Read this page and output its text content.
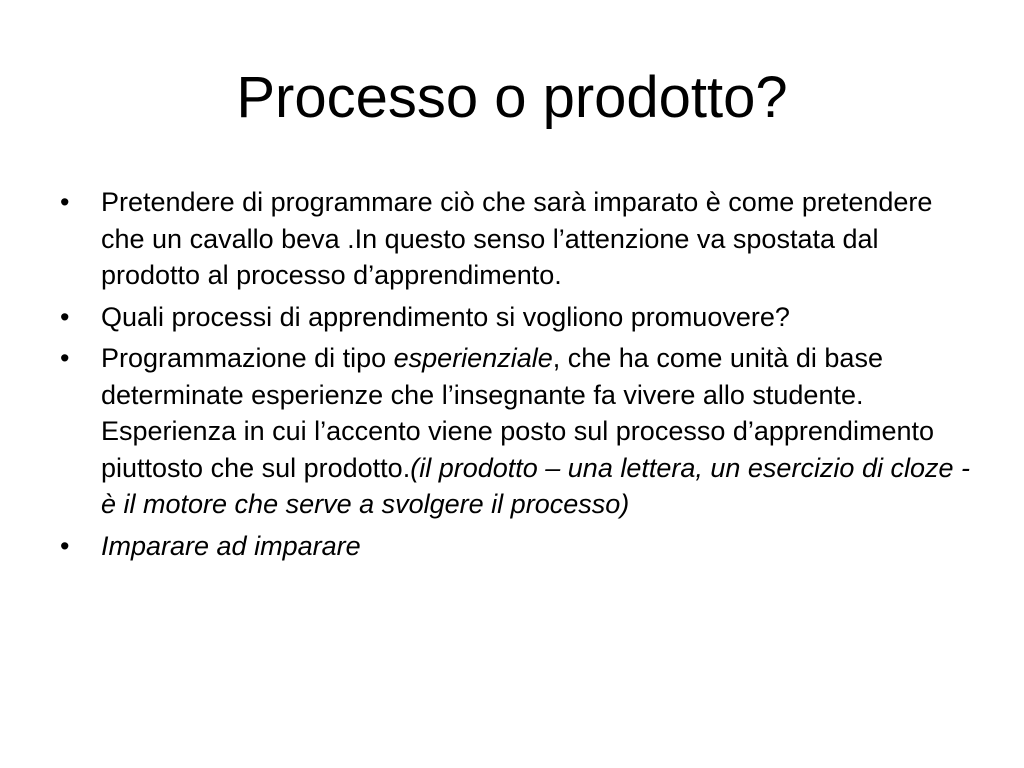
Processo o prodotto?
•	Pretendere di programmare ciò che sarà imparato è come pretendere che un cavallo beva .In questo senso l’attenzione va spostata dal prodotto al processo d’apprendimento.
•	Quali processi di apprendimento si vogliono promuovere?
•	Programmazione di tipo esperienziale, che ha come unità di base determinate esperienze che l’insegnante fa vivere allo studente. Esperienza in cui l’accento viene posto sul processo d’apprendimento piuttosto che sul prodotto.(il prodotto – una lettera, un esercizio di cloze - è il motore che serve a svolgere il processo)
•	Imparare ad imparare
